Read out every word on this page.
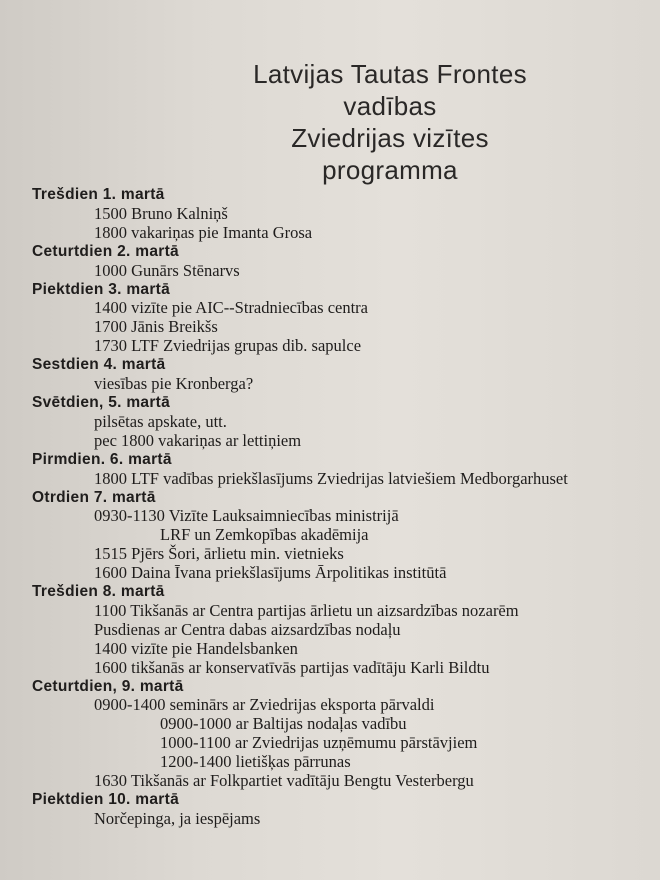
Latvijas Tautas Frontes
vadības
Zviedrijas vizītes
programma
Trešdien 1. martā
1500 Bruno Kalniņš
1800 vakariņas pie Imanta Grosa
Ceturtdien 2. martā
1000 Gunārs Stēnarvs
Piektdien 3. martā
1400 vizīte pie AIC--Stradniecības centra
1700 Jānis Breikšs
1730 LTF Zviedrijas grupas dib. sapulce
Sestdien 4. martā
viesības pie Kronberga?
Svētdien, 5. martā
pilsētas apskate, utt.
pec 1800 vakariņas ar lettiņiem
Pirmdien. 6. martā
1800 LTF vadības priekšlasījums Zviedrijas latviešiem Medborgarhuset
Otrdien 7. martā
0930-1130 Vizīte Lauksaimniecības ministrijā
LRF un Zemkopības akadēmija
1515 Pjērs Šori, ārlietu min. vietnieks
1600 Daina Īvana priekšlasījums Ārpolitikas institūtā
Trešdien 8. martā
1100 Tikšanās ar Centra partijas ārlietu un aizsardzības nozarēm
Pusdienas ar Centra dabas aizsardzības nodaļu
1400 vizīte pie Handelsbanken
1600 tikšanās ar konservatīvās partijas vadītāju Karli Bildtu
Ceturtdien, 9. martā
0900-1400 seminārs ar Zviedrijas eksporta pārvaldi
0900-1000 ar Baltijas nodaļas vadību
1000-1100 ar Zviedrijas uzņēmumu pārstāvjiem
1200-1400 lietišķas pārrunas
1630 Tikšanās ar Folkpartiet vadītāju Bengtu Vesterbergu
Piektdien 10. martā
Norčepinga, ja iespējams
